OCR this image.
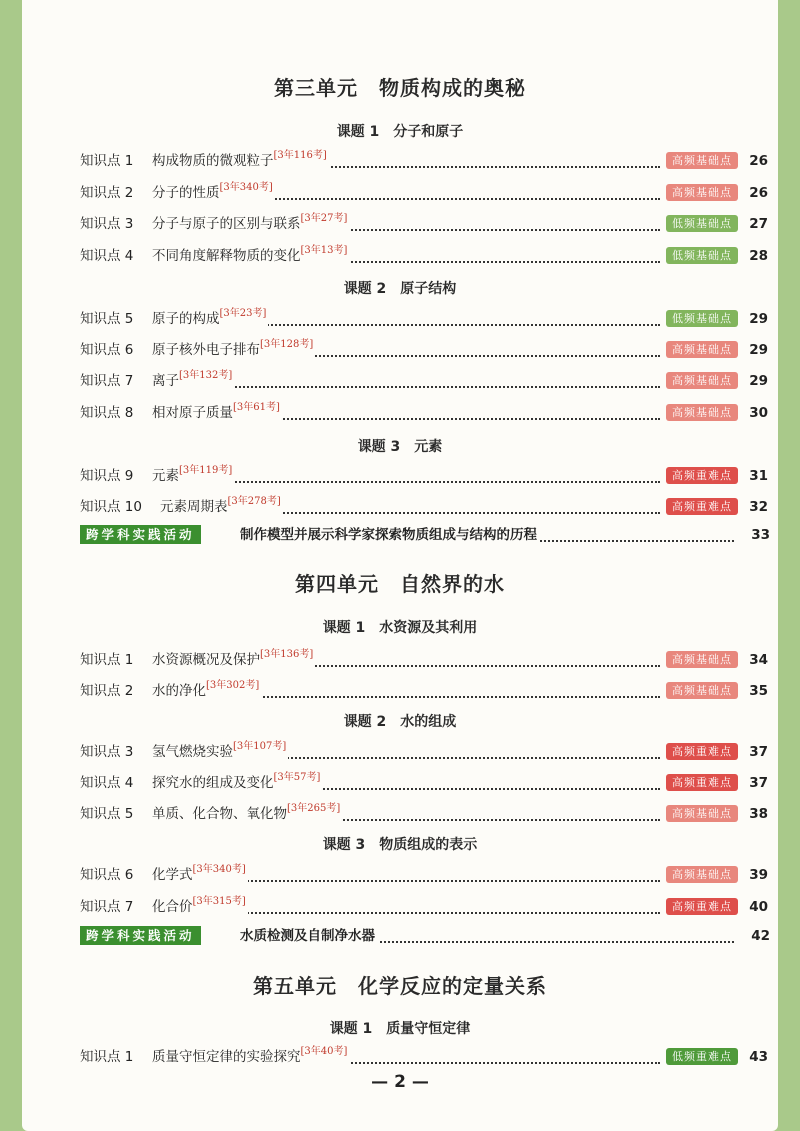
第三单元　物质构成的奥秘
课题 1　分子和原子
知识点 1 构成物质的微观粒子[3年116考]	高频基础点	26
知识点 2 分子的性质[3年340考]	高频基础点	26
知识点 3 分子与原子的区别与联系[3年27考]	低频基础点	27
知识点 4 不同角度解释物质的变化[3年13考]	低频基础点	28
课题 2　原子结构
知识点 5 原子的构成[3年23考]	低频基础点	29
知识点 6 原子核外电子排布[3年128考]	高频基础点	29
知识点 7 离子[3年132考]	高频基础点	29
知识点 8 相对原子质量[3年61考]	高频基础点	30
课题 3　元素
知识点 9 元素[3年119考]	高频重难点	31
知识点 10 元素周期表[3年278考]	高频重难点	32
跨学科实践活动	制作模型并展示科学家探索物质组成与结构的历程	33
第四单元　自然界的水
课题 1　水资源及其利用
知识点 1 水资源概况及保护[3年136考]	高频基础点	34
知识点 2 水的净化[3年302考]	高频基础点	35
课题 2　水的组成
知识点 3 氢气燃烧实验[3年107考]	高频重难点	37
知识点 4 探究水的组成及变化[3年57考]	高频重难点	37
知识点 5 单质、化合物、氧化物[3年265考]	高频基础点	38
课题 3　物质组成的表示
知识点 6 化学式[3年340考]	高频基础点	39
知识点 7 化合价[3年315考]	高频重难点	40
跨学科实践活动	水质检测及自制净水器	42
第五单元　化学反应的定量关系
课题 1　质量守恒定律
知识点 1 质量守恒定律的实验探究[3年40考]	低频重难点	43
— 2 —
